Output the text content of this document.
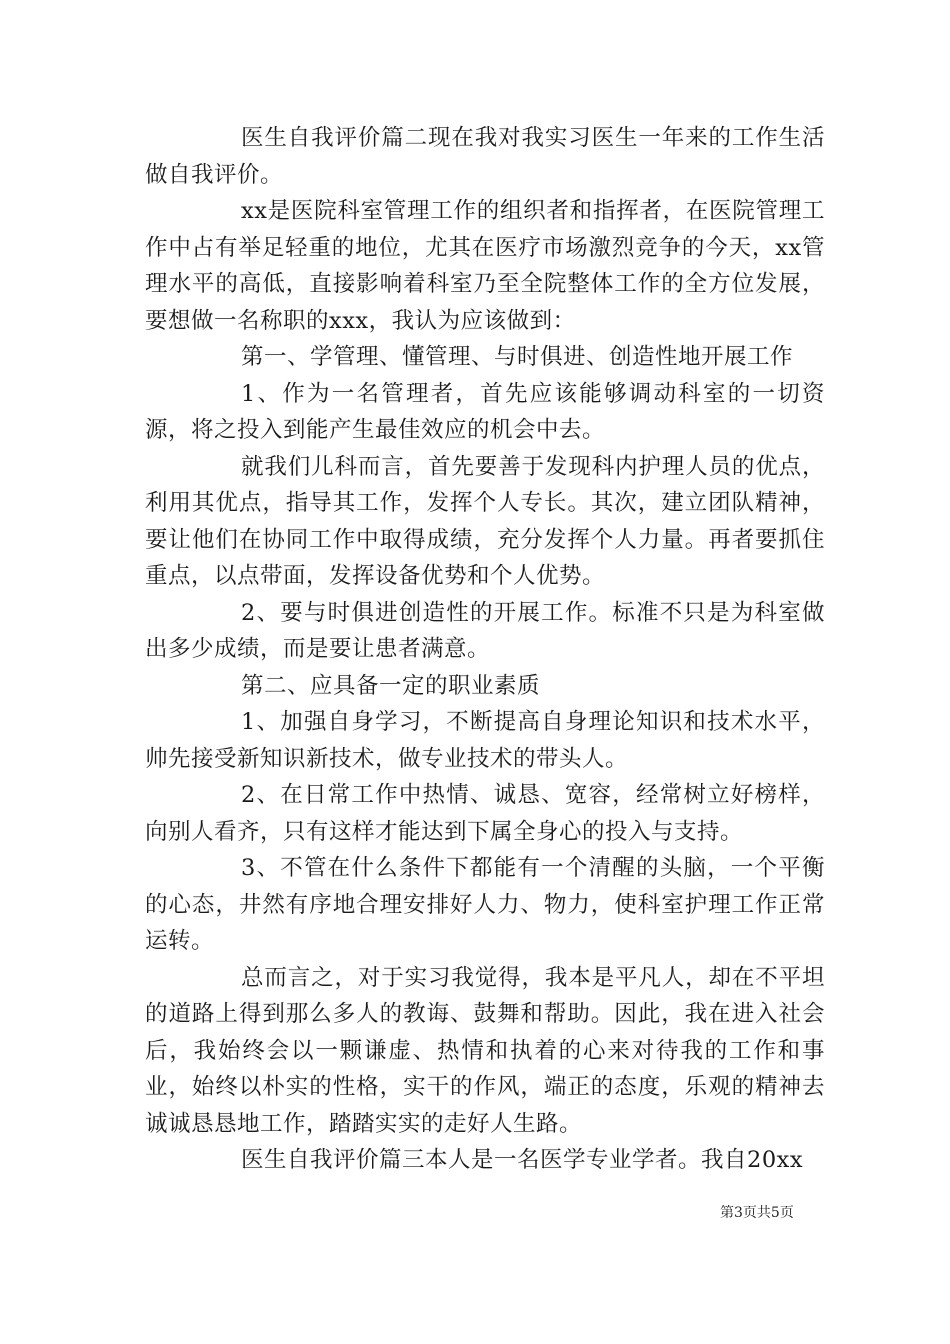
医生自我评价篇二现在我对我实习医生一年来的工作生活做自我评价。

xx是医院科室管理工作的组织者和指挥者，在医院管理工作中占有举足轻重的地位，尤其在医疗市场激烈竞争的今天，xx管理水平的高低，直接影响着科室乃至全院整体工作的全方位发展，要想做一名称职的xxx，我认为应该做到：

第一、学管理、懂管理、与时俱进、创造性地开展工作

1、作为一名管理者，首先应该能够调动科室的一切资源，将之投入到能产生最佳效应的机会中去。

就我们儿科而言，首先要善于发现科内护理人员的优点，利用其优点，指导其工作，发挥个人专长。其次，建立团队精神，要让他们在协同工作中取得成绩，充分发挥个人力量。再者要抓住重点，以点带面，发挥设备优势和个人优势。

2、要与时俱进创造性的开展工作。标准不只是为科室做出多少成绩，而是要让患者满意。

第二、应具备一定的职业素质

1、加强自身学习，不断提高自身理论知识和技术水平，帅先接受新知识新技术，做专业技术的带头人。

2、在日常工作中热情、诚恳、宽容，经常树立好榜样，向别人看齐，只有这样才能达到下属全身心的投入与支持。

3、不管在什么条件下都能有一个清醒的头脑，一个平衡的心态，井然有序地合理安排好人力、物力，使科室护理工作正常运转。

总而言之，对于实习我觉得，我本是平凡人，却在不平坦的道路上得到那么多人的教诲、鼓舞和帮助。因此，我在进入社会后，我始终会以一颗谦虚、热情和执着的心来对待我的工作和事业，始终以朴实的性格，实干的作风，端正的态度，乐观的精神去诚诚恳恳地工作，踏踏实实的走好人生路。

医生自我评价篇三本人是一名医学专业学者。我自20xx

第3页共5页
